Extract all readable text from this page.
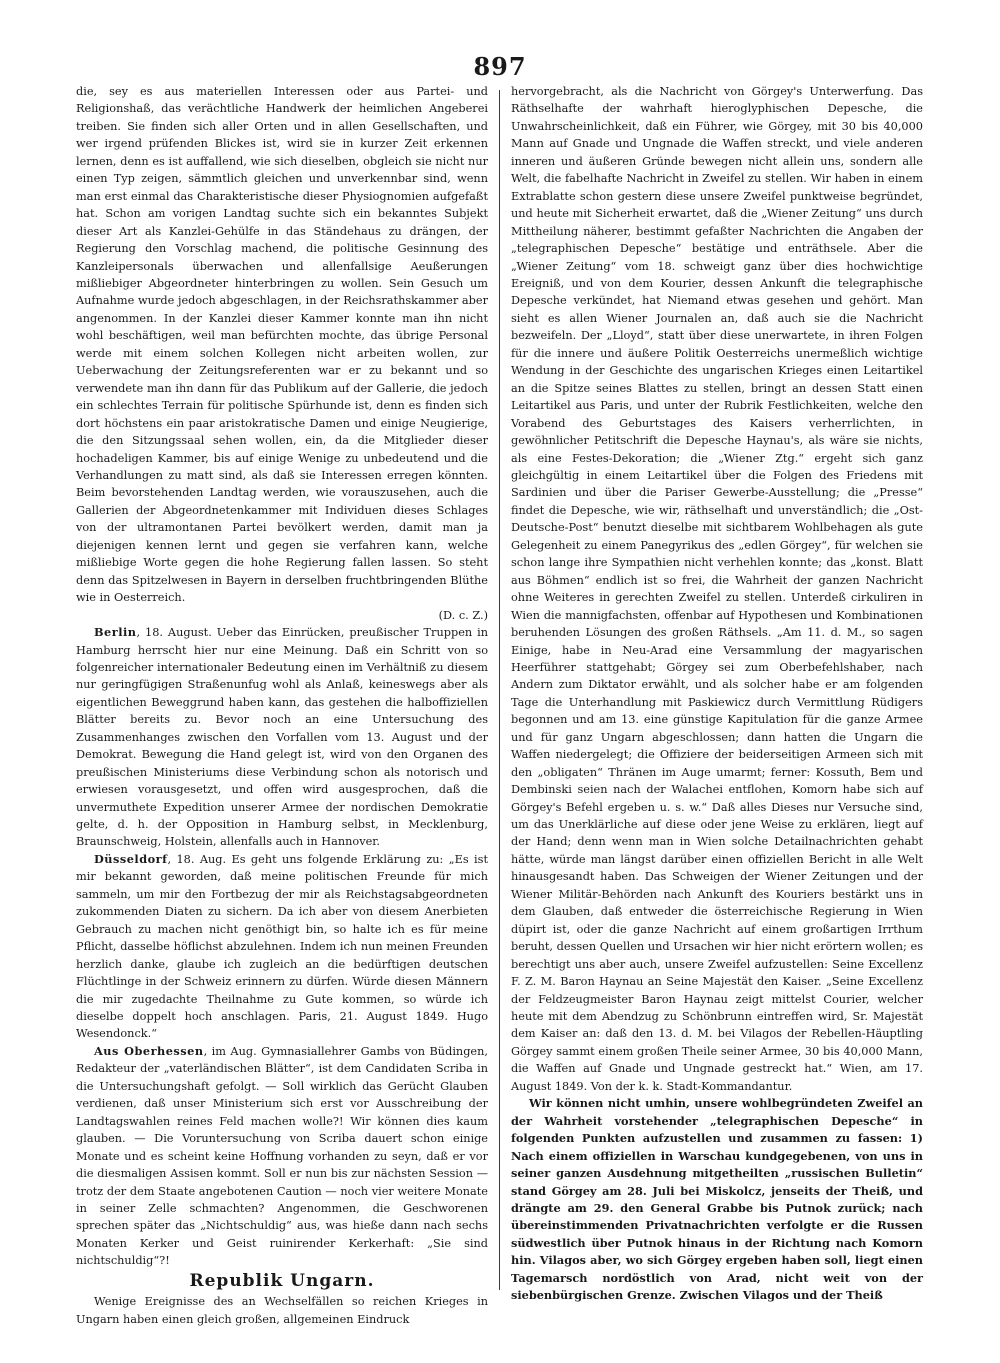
897

die, sey es aus materiellen Interessen oder aus Partei- und Religionshaß, das verächtliche Handwerk der heimlichen Angeberei treiben. Sie finden sich aller Orten und in allen Gesellschaften, und wer irgend prüfenden Blickes ist, wird sie in kurzer Zeit erkennen lernen, denn es ist auffallend, wie sich dieselben, obgleich sie nicht nur einen Typ zeigen, sämmtlich gleichen und unverkennbar sind, wenn man erst einmal das Charakteristische dieser Physiognomien aufgefaßt hat. Schon am vorigen Landtag suchte sich ein bekanntes Subjekt dieser Art als Kanzlei-Gehülfe in das Ständehaus zu drängen, der Regierung den Vorschlag machend, die politische Gesinnung des Kanzleipersonals überwachen und allenfallsige Aeußerungen mißliebiger Abgeordneter hinterbringen zu wollen. Sein Gesuch um Aufnahme wurde jedoch abgeschlagen, in der Reichsrathskammer aber angenommen. In der Kanzlei dieser Kammer konnte man ihn nicht wohl beschäftigen, weil man befürchten mochte, das übrige Personal werde mit einem solchen Kollegen nicht arbeiten wollen, zur Ueberwachung der Zeitungsreferenten war er zu bekannt und so verwendete man ihn dann für das Publikum auf der Gallerie, die jedoch ein schlechtes Terrain für politische Spürhunde ist, denn es finden sich dort höchstens ein paar aristokratische Damen und einige Neugierige, die den Sitzungssaal sehen wollen, ein, da die Mitglieder dieser hochadeligen Kammer, bis auf einige Wenige zu unbedeutend und die Verhandlungen zu matt sind, als daß sie Interessen erregen könnten. Beim bevorstehenden Landtag werden, wie vorauszusehen, auch die Gallerien der Abgeordnetenkammer mit Individuen dieses Schlages von der ultramontanen Partei bevölkert werden, damit man ja diejenigen kennen lernt und gegen sie verfahren kann, welche mißliebige Worte gegen die hohe Regierung fallen lassen. So steht denn das Spitzelwesen in Bayern in derselben fruchtbringenden Blüthe wie in Oesterreich.

(D. c. Z.)

Berlin, 18. August. Ueber das Einrücken, preußischer Truppen in Hamburg herrscht hier nur eine Meinung. Daß ein Schritt von so folgenreicher internationaler Bedeutung einen im Verhältniß zu diesem nur geringfügigen Straßenunfug wohl als Anlaß, keineswegs aber als eigentlichen Beweggrund haben kann, das gestehen die halboffiziellen Blätter bereits zu. Bevor noch an eine Untersuchung des Zusammenhanges zwischen den Vorfallen vom 13. August und der Demokrat. Bewegung die Hand gelegt ist, wird von den Organen des preußischen Ministeriums diese Verbindung schon als notorisch und erwiesen vorausgesetzt, und offen wird ausgesprochen, daß die unvermuthete Expedition unserer Armee der nordischen Demokratie gelte, d. h. der Opposition in Hamburg selbst, in Mecklenburg, Braunschweig, Holstein, allenfalls auch in Hannover.

Düsseldorf, 18. Aug. Es geht uns folgende Erklärung zu: „Es ist mir bekannt geworden, daß meine politischen Freunde für mich sammeln, um mir den Fortbezug der mir als Reichstagsabgeordneten zukommenden Diaten zu sichern. Da ich aber von diesem Anerbieten Gebrauch zu machen nicht genöthigt bin, so halte ich es für meine Pflicht, dasselbe höflichst abzulehnen. Indem ich nun meinen Freunden herzlich danke, glaube ich zugleich an die bedürftigen deutschen Flüchtlinge in der Schweiz erinnern zu dürfen. Würde diesen Männern die mir zugedachte Theilnahme zu Gute kommen, so würde ich dieselbe doppelt hoch anschlagen. Paris, 21. August 1849. Hugo Wesendonck.“

Aus Oberhessen, im Aug. Gymnasiallehrer Gambs von Büdingen, Redakteur der „vaterländischen Blätter“, ist dem Candidaten Scriba in die Untersuchungshaft gefolgt. — Soll wirklich das Gerücht Glauben verdienen, daß unser Ministerium sich erst vor Ausschreibung der Landtagswahlen reines Feld machen wolle?! Wir können dies kaum glauben. — Die Voruntersuchung von Scriba dauert schon einige Monate und es scheint keine Hoffnung vorhanden zu seyn, daß er vor die diesmaligen Assisen kommt. Soll er nun bis zur nächsten Session — trotz der dem Staate angebotenen Caution — noch vier weitere Monate in seiner Zelle schmachten? Angenommen, die Geschworenen sprechen später das „Nichtschuldig“ aus, was hieße dann nach sechs Monaten Kerker und Geist ruinirender Kerkerhaft: „Sie sind nichtschuldig“?!

Republik Ungarn.

Wenige Ereignisse des an Wechselfällen so reichen Krieges in Ungarn haben einen gleich großen, allgemeinen Eindruck

hervorgebracht, als die Nachricht von Görgey's Unterwerfung. Das Räthselhafte der wahrhaft hieroglyphischen Depesche, die Unwahrscheinlichkeit, daß ein Führer, wie Görgey, mit 30 bis 40,000 Mann auf Gnade und Ungnade die Waffen streckt, und viele anderen inneren und äußeren Gründe bewegen nicht allein uns, sondern alle Welt, die fabelhafte Nachricht in Zweifel zu stellen. Wir haben in einem Extrablatte schon gestern diese unsere Zweifel punktweise begründet, und heute mit Sicherheit erwartet, daß die „Wiener Zeitung“ uns durch Mittheilung näherer, bestimmt gefaßter Nachrichten die Angaben der „telegraphischen Depesche“ bestätige und enträthsele. Aber die „Wiener Zeitung“ vom 18. schweigt ganz über dies hochwichtige Ereigniß, und von dem Kourier, dessen Ankunft die telegraphische Depesche verkündet, hat Niemand etwas gesehen und gehört. Man sieht es allen Wiener Journalen an, daß auch sie die Nachricht bezweifeln. Der „Lloyd“, statt über diese unerwartete, in ihren Folgen für die innere und äußere Politik Oesterreichs unermeßlich wichtige Wendung in der Geschichte des ungarischen Krieges einen Leitartikel an die Spitze seines Blattes zu stellen, bringt an dessen Statt einen Leitartikel aus Paris, und unter der Rubrik Festlichkeiten, welche den Vorabend des Geburtstages des Kaisers verherrlichten, in gewöhnlicher Petitschrift die Depesche Haynau's, als wäre sie nichts, als eine Festes-Dekoration; die „Wiener Ztg.“ ergeht sich ganz gleichgültig in einem Leitartikel über die Folgen des Friedens mit Sardinien und über die Pariser Gewerbe-Ausstellung; die „Presse“ findet die Depesche, wie wir, räthselhaft und unverständlich; die „Ost-Deutsche-Post“ benutzt dieselbe mit sichtbarem Wohlbehagen als gute Gelegenheit zu einem Panegyrikus des „edlen Görgey“, für welchen sie schon lange ihre Sympathien nicht verhehlen konnte; das „konst. Blatt aus Böhmen“ endlich ist so frei, die Wahrheit der ganzen Nachricht ohne Weiteres in gerechten Zweifel zu stellen. Unterdeß cirkuliren in Wien die mannigfachsten, offenbar auf Hypothesen und Kombinationen beruhenden Lösungen des großen Räthsels. „Am 11. d. M., so sagen Einige, habe in Neu-Arad eine Versammlung der magyarischen Heerführer stattgehabt; Görgey sei zum Oberbefehlshaber, nach Andern zum Diktator erwählt, und als solcher habe er am folgenden Tage die Unterhandlung mit Paskiewicz durch Vermittlung Rüdigers begonnen und am 13. eine günstige Kapitulation für die ganze Armee und für ganz Ungarn abgeschlossen; dann hatten die Ungarn die Waffen niedergelegt; die Offiziere der beiderseitigen Armeen sich mit den „obligaten“ Thränen im Auge umarmt; ferner: Kossuth, Bem und Dembinski seien nach der Walachei entflohen, Komorn habe sich auf Görgey's Befehl ergeben u. s. w.“ Daß alles Dieses nur Versuche sind, um das Unerklärliche auf diese oder jene Weise zu erklären, liegt auf der Hand; denn wenn man in Wien solche Detailnachrichten gehabt hätte, würde man längst darüber einen offiziellen Bericht in alle Welt hinausgesandt haben. Das Schweigen der Wiener Zeitungen und der Wiener Militär-Behörden nach Ankunft des Kouriers bestärkt uns in dem Glauben, daß entweder die österreichische Regierung in Wien düpirt ist, oder die ganze Nachricht auf einem großartigen Irrthum beruht, dessen Quellen und Ursachen wir hier nicht erörtern wollen; es berechtigt uns aber auch, unsere Zweifel aufzustellen: Seine Excellenz F. Z. M. Baron Haynau an Seine Majestät den Kaiser. „Seine Excellenz der Feldzeugmeister Baron Haynau zeigt mittelst Courier, welcher heute mit dem Abendzug zu Schönbrunn eintreffen wird, Sr. Majestät dem Kaiser an: daß den 13. d. M. bei Vilagos der Rebellen-Häuptling Görgey sammt einem großen Theile seiner Armee, 30 bis 40,000 Mann, die Waffen auf Gnade und Ungnade gestreckt hat.“ Wien, am 17. August 1849. Von der k. k. Stadt-Kommandantur.

Wir können nicht umhin, unsere wohlbegründeten Zweifel an der Wahrheit vorstehender „telegraphischen Depesche“ in folgenden Punkten aufzustellen und zusammen zu fassen: 1) Nach einem offiziellen in Warschau kundgegebenen, von uns in seiner ganzen Ausdehnung mitgetheilten „russischen Bulletin“ stand Görgey am 28. Juli bei Miskolcz, jenseits der Theiß, und drängte am 29. den General Grabbe bis Putnok zurück; nach übereinstimmenden Privatnachrichten verfolgte er die Russen südwestlich über Putnok hinaus in der Richtung nach Komorn hin. Vilagos aber, wo sich Görgey ergeben haben soll, liegt einen Tagemarsch nordöstlich von Arad, nicht weit von der siebenbürgischen Grenze. Zwischen Vilagos und der Theiß
